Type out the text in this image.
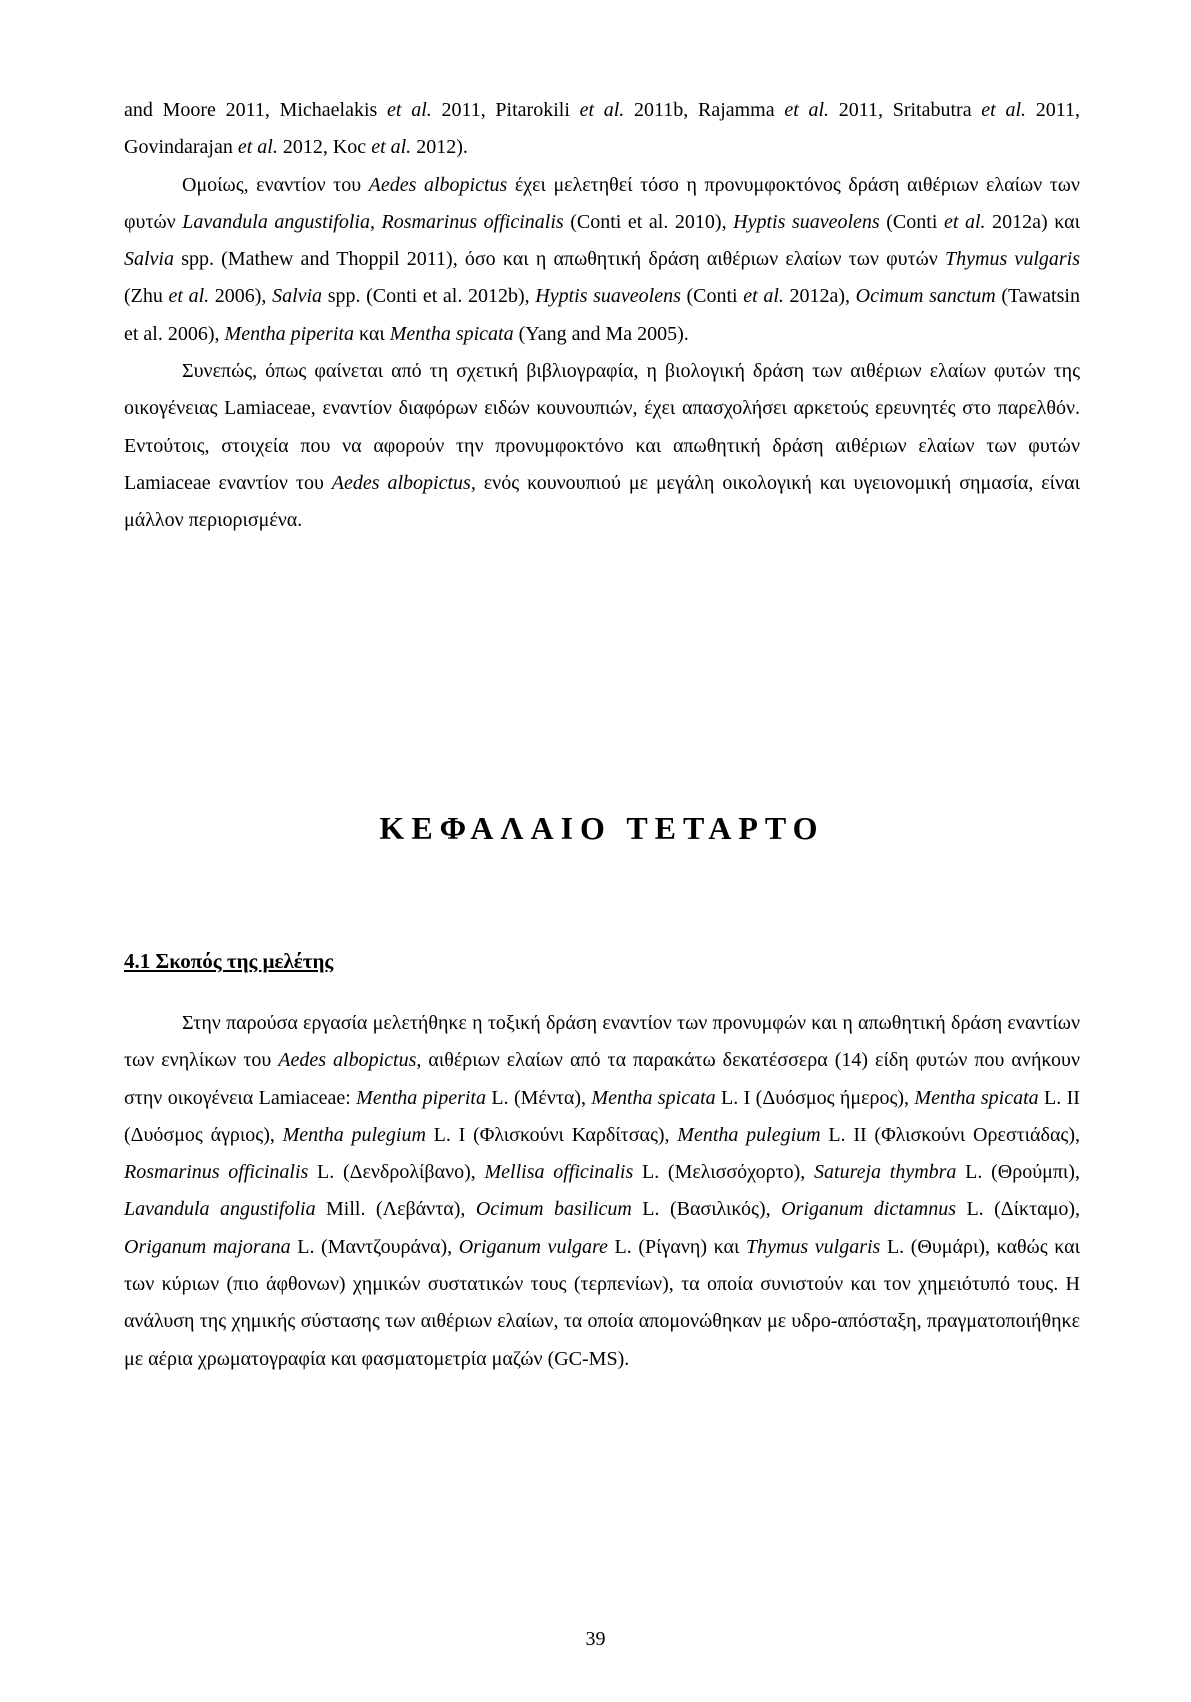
and Moore 2011, Michaelakis et al. 2011, Pitarokili et al. 2011b, Rajamma et al. 2011, Sritabutra et al. 2011, Govindarajan et al. 2012, Koc et al. 2012).

Ομοίως, εναντίον του Aedes albopictus έχει μελετηθεί τόσο η προνυμφοκτόνος δράση αιθέριων ελαίων των φυτών Lavandula angustifolia, Rosmarinus officinalis (Conti et al. 2010), Hyptis suaveolens (Conti et al. 2012a) και Salvia spp. (Mathew and Thoppil 2011), όσο και η απωθητική δράση αιθέριων ελαίων των φυτών Thymus vulgaris (Zhu et al. 2006), Salvia spp. (Conti et al. 2012b), Hyptis suaveolens (Conti et al. 2012a), Ocimum sanctum (Tawatsin et al. 2006), Mentha piperita και Mentha spicata (Yang and Ma 2005).

Συνεπώς, όπως φαίνεται από τη σχετική βιβλιογραφία, η βιολογική δράση των αιθέριων ελαίων φυτών της οικογένειας Lamiaceae, εναντίον διαφόρων ειδών κουνουπιών, έχει απασχολήσει αρκετούς ερευνητές στο παρελθόν. Εντούτοις, στοιχεία που να αφορούν την προνυμφοκτόνο και απωθητική δράση αιθέριων ελαίων των φυτών Lamiaceae εναντίον του Aedes albopictus, ενός κουνουπιού με μεγάλη οικολογική και υγειονομική σημασία, είναι μάλλον περιορισμένα.

ΚΕΦΑΛΑΙΟ ΤΕΤΑΡΤΟ
4.1 Σκοπός της μελέτης

Στην παρούσα εργασία μελετήθηκε η τοξική δράση εναντίον των προνυμφών και η απωθητική δράση εναντίων των ενηλίκων του Aedes albopictus, αιθέριων ελαίων από τα παρακάτω δεκατέσσερα (14) είδη φυτών που ανήκουν στην οικογένεια Lamiaceae: Mentha piperita L. (Μέντα), Mentha spicata L. I (Δυόσμος ήμερος), Mentha spicata L. II (Δυόσμος άγριος), Mentha pulegium L. I (Φλισκούνι Καρδίτσας), Mentha pulegium L. II (Φλισκούνι Ορεστιάδας), Rosmarinus officinalis L. (Δενδρολίβανο), Mellisa officinalis L. (Μελισσόχορτο), Satureja thymbra L. (Θρούμπι), Lavandula angustifolia Mill. (Λεβάντα), Ocimum basilicum L. (Βασιλικός), Origanum dictamnus L. (Δίκταμο), Origanum majorana L. (Μαντζουράνα), Origanum vulgare L. (Ρίγανη) και Thymus vulgaris L. (Θυμάρι), καθώς και των κύριων (πιο άφθονων) χημικών συστατικών τους (τερπενίων), τα οποία συνιστούν και τον χημειότυπό τους. Η ανάλυση της χημικής σύστασης των αιθέριων ελαίων, τα οποία απομονώθηκαν με υδρο-απόσταξη, πραγματοποιήθηκε με αέρια χρωματογραφία και φασματομετρία μαζών (GC-MS).

39
